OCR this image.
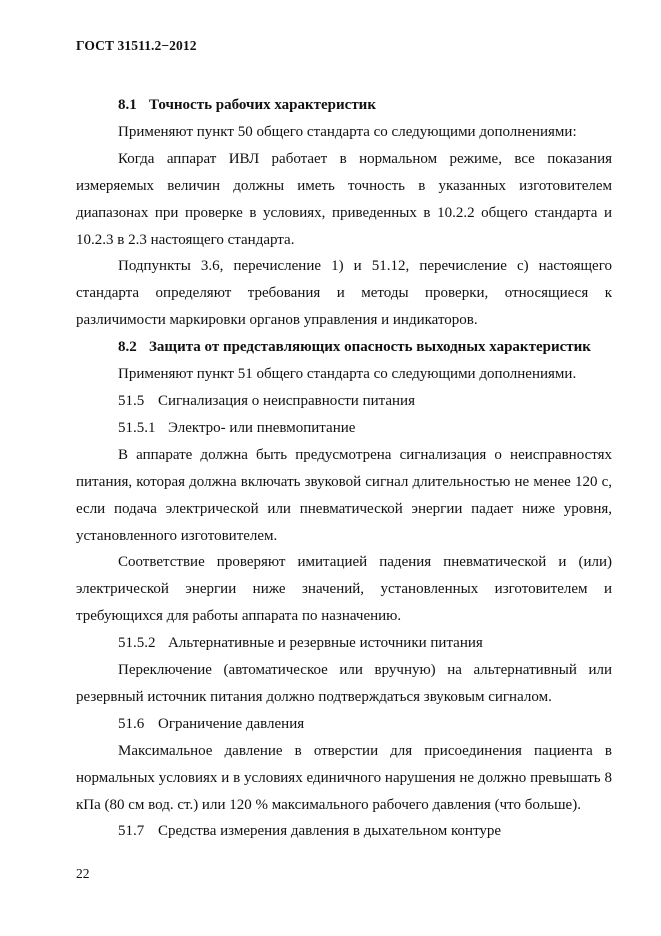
ГОСТ 31511.2−2012
8.1 Точность рабочих характеристик

Применяют пункт 50 общего стандарта со следующими дополнениями:

Когда аппарат ИВЛ работает в нормальном режиме, все показания измеряемых величин должны иметь точность в указанных изготовителем диапазонах при проверке в условиях, приведенных в 10.2.2 общего стандарта и 10.2.3 в 2.3 настоящего стандарта.

Подпункты 3.6, перечисление 1) и 51.12, перечисление с) настоящего стандарта определяют требования и методы проверки, относящиеся к различимости маркировки органов управления и индикаторов.

8.2 Защита от представляющих опасность выходных характеристик

Применяют пункт 51 общего стандарта со следующими дополнениями.

51.5 Сигнализация о неисправности питания
51.5.1 Электро- или пневмопитание

В аппарате должна быть предусмотрена сигнализация о неисправностях питания, которая должна включать звуковой сигнал длительностью не менее 120 с, если подача электрической или пневматической энергии падает ниже уровня, установленного изготовителем.

Соответствие проверяют имитацией падения пневматической и (или) электрической энергии ниже значений, установленных изготовителем и требующихся для работы аппарата по назначению.

51.5.2 Альтернативные и резервные источники питания

Переключение (автоматическое или вручную) на альтернативный или резервный источник питания должно подтверждаться звуковым сигналом.

51.6 Ограничение давления

Максимальное давление в отверстии для присоединения пациента в нормальных условиях и в условиях единичного нарушения не должно превышать 8 кПа (80 см вод. ст.) или 120 % максимального рабочего давления (что больше).

51.7 Средства измерения давления в дыхательном контуре
22
